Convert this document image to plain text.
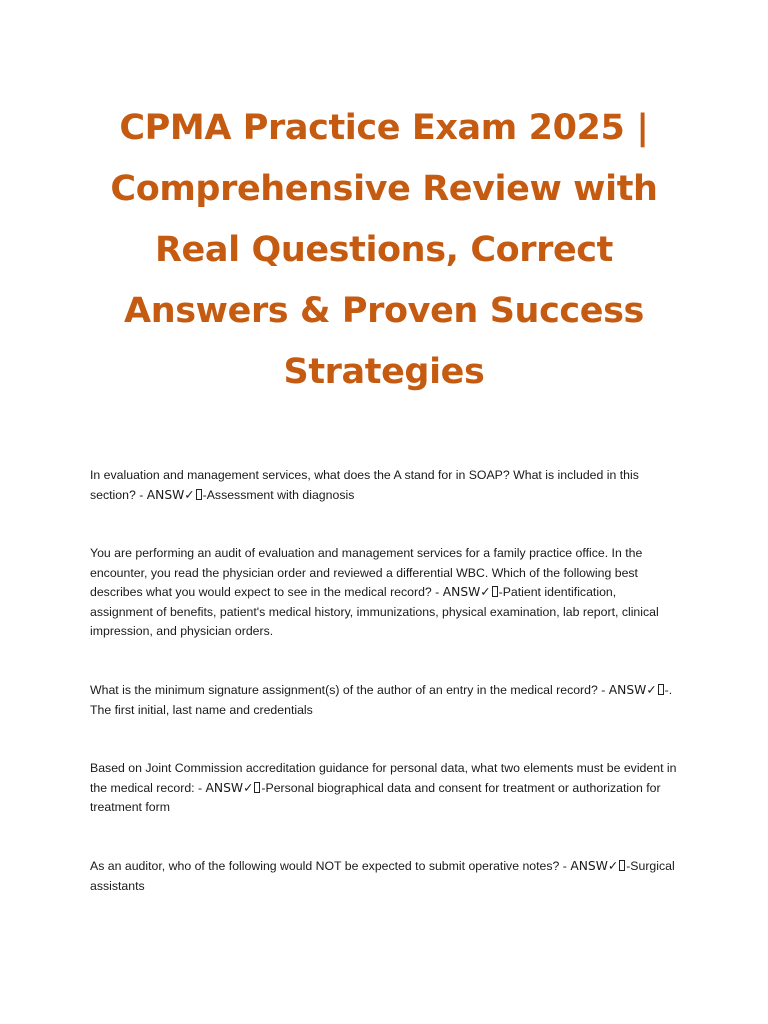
CPMA Practice Exam 2025 | Comprehensive Review with Real Questions, Correct Answers & Proven Success Strategies

In evaluation and management services, what does the A stand for in SOAP? What is included in this section? - ANSW✓ -Assessment with diagnosis

You are performing an audit of evaluation and management services for a family practice office. In the encounter, you read the physician order and reviewed a differential WBC. Which of the following best describes what you would expect to see in the medical record? - ANSW✓ -Patient identification, assignment of benefits, patient's medical history, immunizations, physical examination, lab report, clinical impression, and physician orders.

What is the minimum signature assignment(s) of the author of an entry in the medical record? - ANSW✓ -. The first initial, last name and credentials

Based on Joint Commission accreditation guidance for personal data, what two elements must be evident in the medical record: - ANSW✓ -Personal biographical data and consent for treatment or authorization for treatment form

As an auditor, who of the following would NOT be expected to submit operative notes? - ANSW✓ -Surgical assistants
